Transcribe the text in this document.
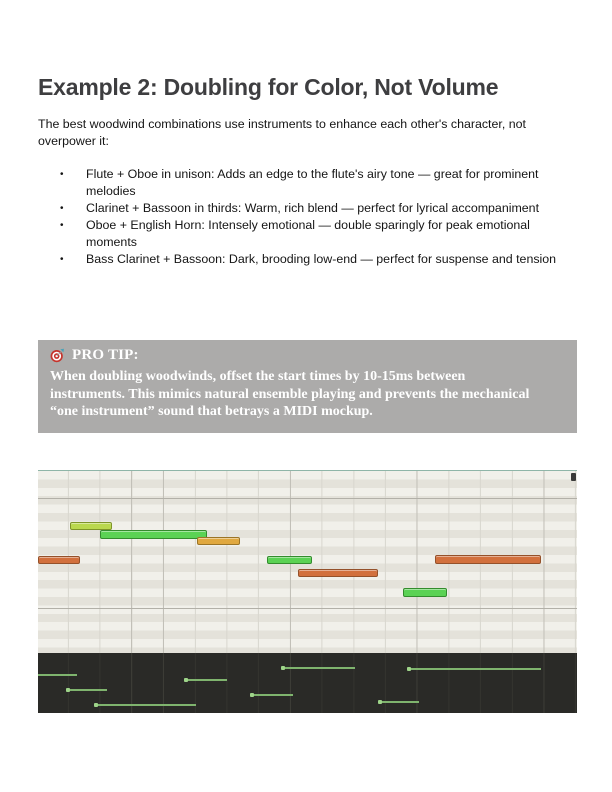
Example 2: Doubling for Color, Not Volume
The best woodwind combinations use instruments to enhance each other's character, not overpower it:
• Flute + Oboe in unison: Adds an edge to the flute's airy tone — great for prominent melodies
• Clarinet + Bassoon in thirds: Warm, rich blend — perfect for lyrical accompaniment
• Oboe + English Horn: Intensely emotional — double sparingly for peak emotional moments
• Bass Clarinet + Bassoon: Dark, brooding low-end — perfect for suspense and tension
PRO TIP:
When doubling woodwinds, offset the start times by 10-15ms between instruments. This mimics natural ensemble playing and prevents the mechanical “one instrument” sound that betrays a MIDI mockup.
